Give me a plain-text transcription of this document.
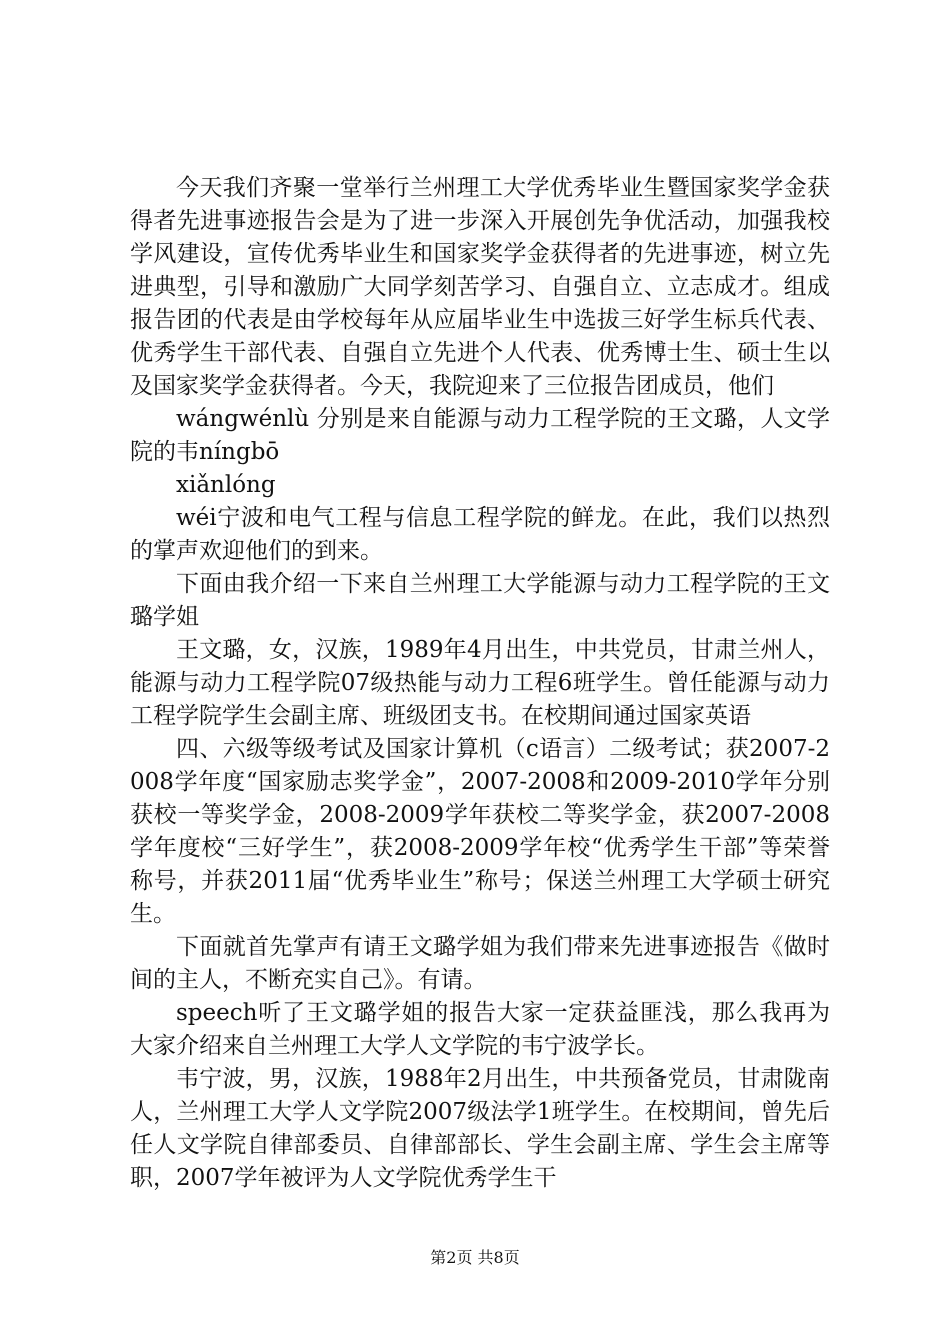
今天我们齐聚一堂举行兰州理工大学优秀毕业生暨国家奖学金获得者先进事迹报告会是为了进一步深入开展创先争优活动，加强我校学风建设，宣传优秀毕业生和国家奖学金获得者的先进事迹，树立先进典型，引导和激励广大同学刻苦学习、自强自立、立志成才。组成报告团的代表是由学校每年从应届毕业生中选拔三好学生标兵代表、优秀学生干部代表、自强自立先进个人代表、优秀博士生、硕士生以及国家奖学金获得者。今天，我院迎来了三位报告团成员，他们

wángwénlù 分别是来自能源与动力工程学院的王文璐，人文学院的韦níngbō

xiǎnlóng

wéi宁波和电气工程与信息工程学院的鲜龙。在此，我们以热烈的掌声欢迎他们的到来。

下面由我介绍一下来自兰州理工大学能源与动力工程学院的王文璐学姐

王文璐，女，汉族，1989年4月出生，中共党员，甘肃兰州人，能源与动力工程学院07级热能与动力工程6班学生。曾任能源与动力工程学院学生会副主席、班级团支书。在校期间通过国家英语

四、六级等级考试及国家计算机（c语言）二级考试；获2007-2008学年度“国家励志奖学金”，2007-2008和2009-2010学年分别获校一等奖学金，2008-2009学年获校二等奖学金，获2007-2008学年度校“三好学生”，获2008-2009学年校“优秀学生干部”等荣誉称号，并获2011届“优秀毕业生”称号；保送兰州理工大学硕士研究生。

下面就首先掌声有请王文璐学姐为我们带来先进事迹报告《做时间的主人，不断充实自己》。有请。

speech听了王文璐学姐的报告大家一定获益匪浅，那么我再为大家介绍来自兰州理工大学人文学院的韦宁波学长。

韦宁波，男，汉族，1988年2月出生，中共预备党员，甘肃陇南人，兰州理工大学人文学院2007级法学1班学生。在校期间，曾先后任人文学院自律部委员、自律部部长、学生会副主席、学生会主席等职，2007学年被评为人文学院优秀学生干

第2页 共8页
